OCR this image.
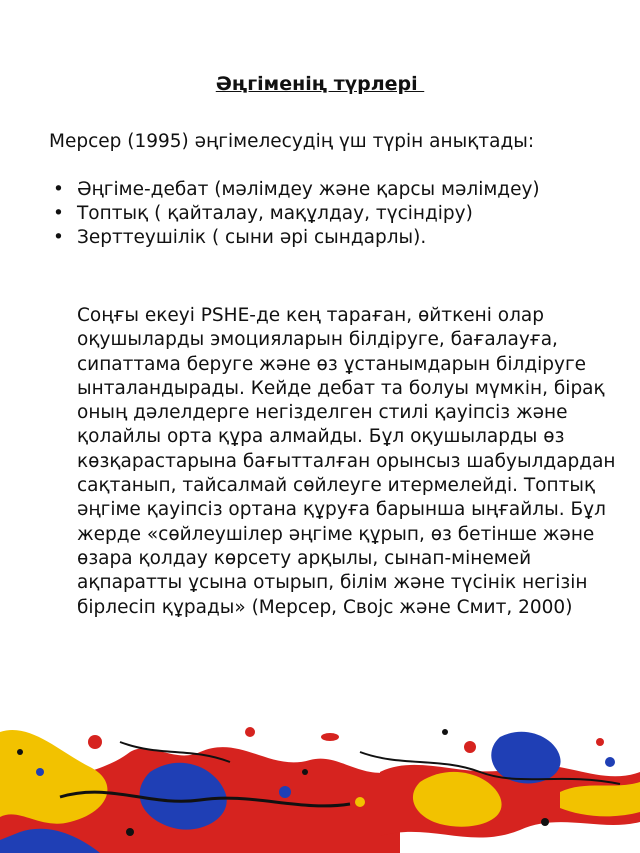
Әңгіменің түрлері
Мерсер (1995) әңгімелесудің үш түрін анықтады:
• Әңгіме-дебат (мәлімдеу және қарсы мәлімдеу)
• Топтық ( қайталау, мақұлдау, түсіндіру)
• Зерттеушілік ( сыни әрі сындарлы).
Соңғы екеуі PSHE-де кең тараған, өйткені олар оқушыларды эмоцияларын білдіруге, бағалауға, сипаттама беруге және өз ұстанымдарын білдіруге ынталандырады. Кейде дебат та болуы мүмкін, бірақ оның дәлелдерге негізделген стилі қауіпсіз және қолайлы орта құра алмайды. Бұл оқушыларды өз көзқарастарына бағытталған орынсыз шабуылдардан сақтанып, тайсалмай сөйлеуге итермелейді. Топтық әңгіме қауіпсіз ортана құруға барынша ыңғайлы. Бұл жерде «сөйлеушілер әңгіме құрып, өз бетінше және өзара қолдау көрсету арқылы, сынап-мінемей ақпаратты ұсына отырып, білім және түсінік негізін бірлесіп құрады» (Мерсер, Својс және Смит, 2000)
